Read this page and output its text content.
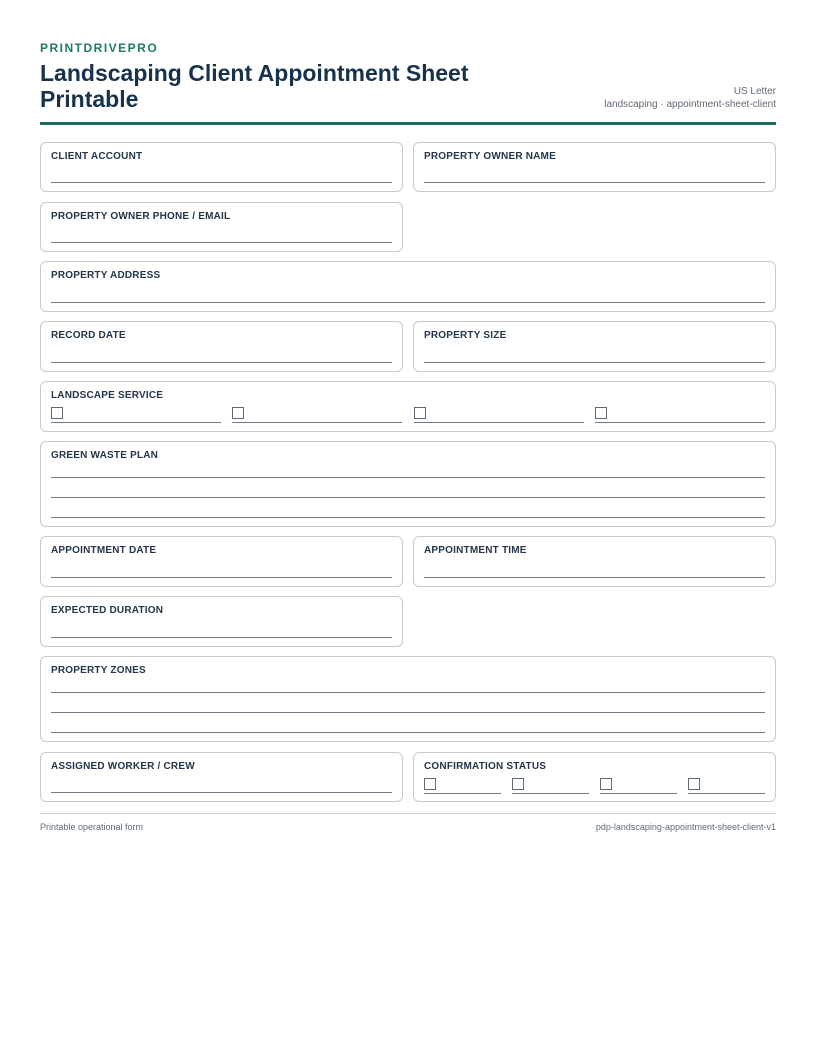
PRINTDRIVEPRO
Landscaping Client Appointment Sheet Printable	US Letter
landscaping · appointment-sheet-client
CLIENT ACCOUNT	PROPERTY OWNER NAME
PROPERTY OWNER PHONE / EMAIL
PROPERTY ADDRESS
RECORD DATE	PROPERTY SIZE
LANDSCAPE SERVICE
GREEN WASTE PLAN
APPOINTMENT DATE	APPOINTMENT TIME
EXPECTED DURATION
PROPERTY ZONES
ASSIGNED WORKER / CREW	CONFIRMATION STATUS
Printable operational form	pdp-landscaping-appointment-sheet-client-v1
